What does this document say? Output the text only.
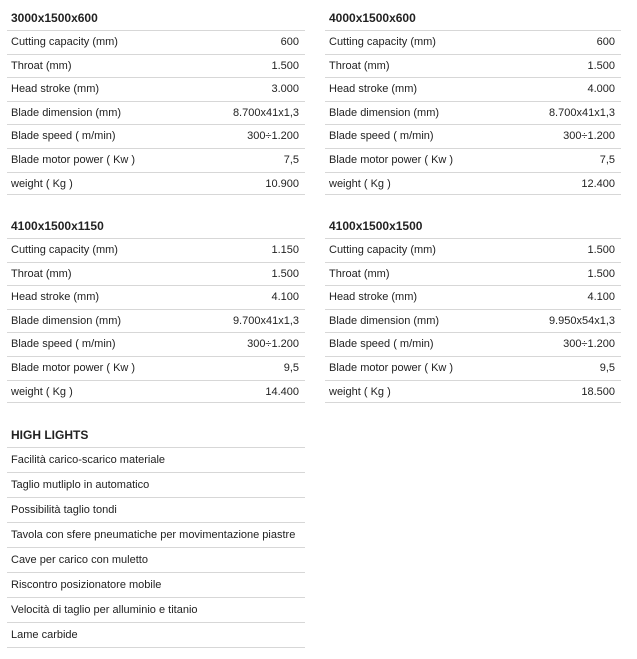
3000x1500x600
Cutting capacity (mm)	600
Throat (mm)	1.500
Head stroke (mm)	3.000
Blade dimension (mm)	8.700x41x1,3
Blade speed ( m/min)	300÷1.200
Blade motor power ( Kw )	7,5
weight ( Kg )	10.900
4000x1500x600
Cutting capacity (mm)	600
Throat (mm)	1.500
Head stroke (mm)	4.000
Blade dimension (mm)	8.700x41x1,3
Blade speed ( m/min)	300÷1.200
Blade motor power ( Kw )	7,5
weight ( Kg )	12.400
4100x1500x1150
Cutting capacity (mm)	1.150
Throat (mm)	1.500
Head stroke (mm)	4.100
Blade dimension (mm)	9.700x41x1,3
Blade speed ( m/min)	300÷1.200
Blade motor power ( Kw )	9,5
weight ( Kg )	14.400
4100x1500x1500
Cutting capacity (mm)	1.500
Throat (mm)	1.500
Head stroke (mm)	4.100
Blade dimension (mm)	9.950x54x1,3
Blade speed ( m/min)	300÷1.200
Blade motor power ( Kw )	9,5
weight ( Kg )	18.500
HIGH LIGHTS
Facilità carico-scarico materiale
Taglio mutliplo in automatico
Possibilità taglio tondi
Tavola con sfere pneumatiche per movimentazione piastre
Cave per carico con muletto
Riscontro posizionatore mobile
Velocità di taglio per alluminio e titanio
Lame carbide
